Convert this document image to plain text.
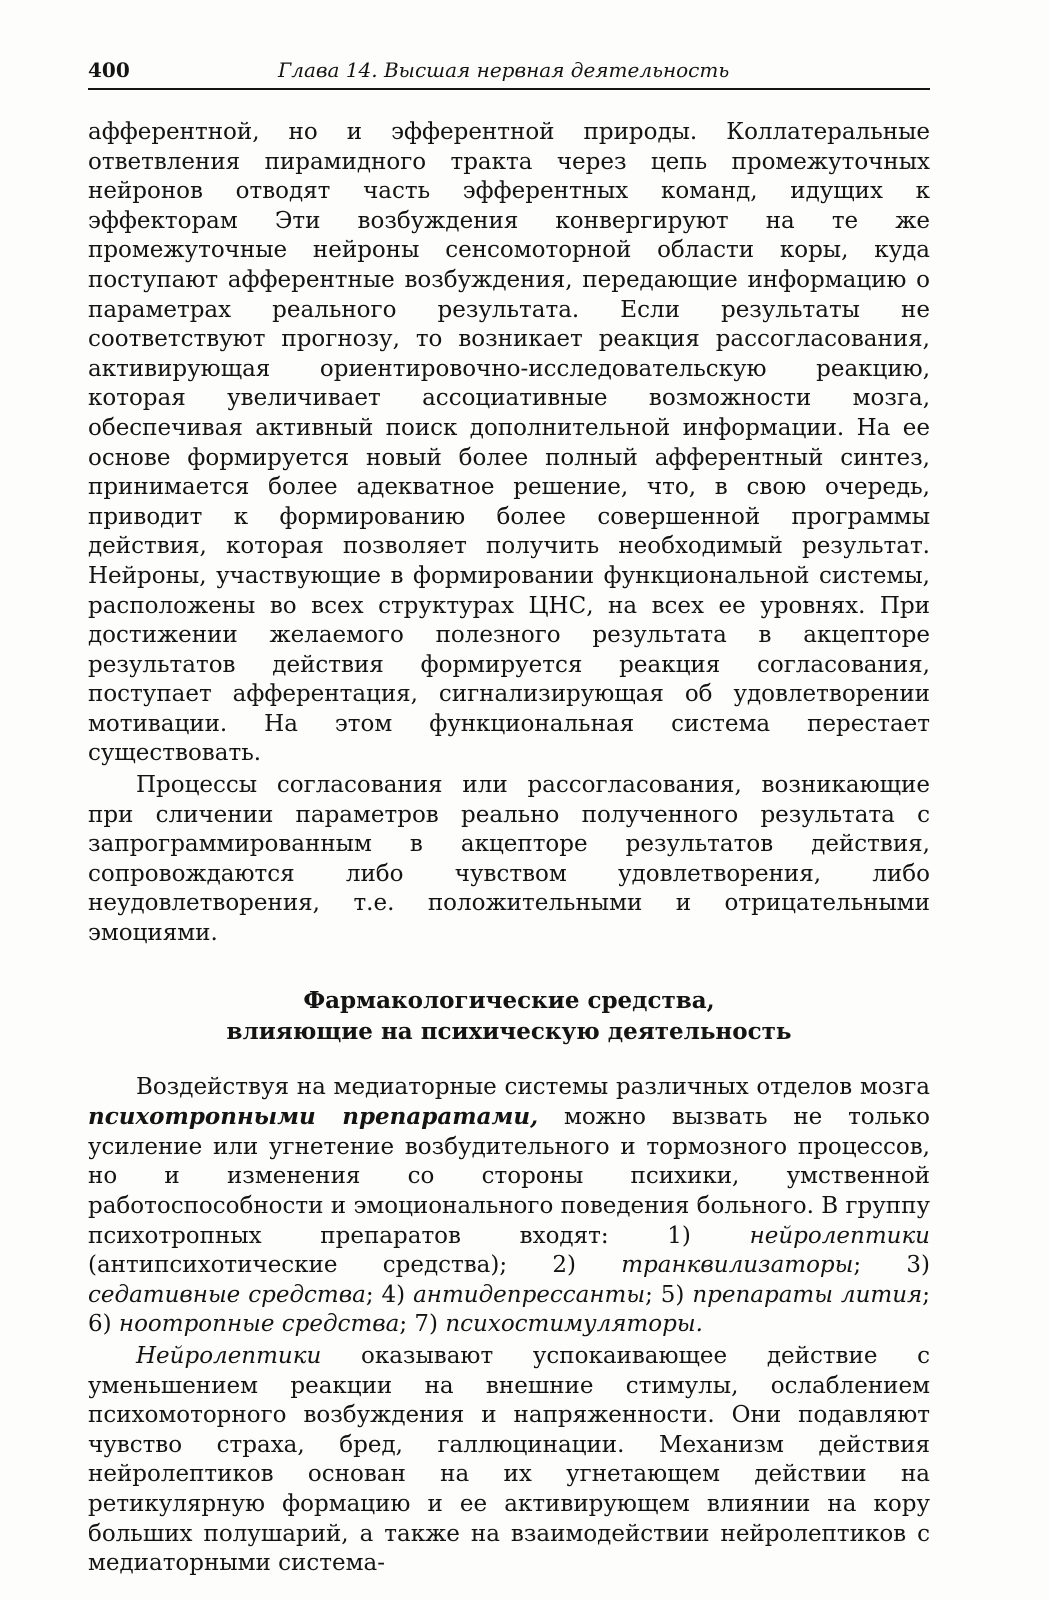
400	Глава 14. Высшая нервная деятельность

афферентной, но и эфферентной природы. Коллатеральные ответвления пирамидного тракта через цепь промежуточных нейронов отводят часть эфферентных команд, идущих к эффекторам Эти возбуждения конвергируют на те же промежуточные нейроны сенсомоторной области коры, куда поступают афферентные возбуждения, передающие информацию о параметрах реального результата. Если результаты не соответствуют прогнозу, то возникает реакция рассогласования, активирующая ориентировочно-исследовательскую реакцию, которая увеличивает ассоциативные возможности мозга, обеспечивая активный поиск дополнительной информации. На ее основе формируется новый более полный афферентный синтез, принимается более адекватное решение, что, в свою очередь, приводит к формированию более совершенной программы действия, которая позволяет получить необходимый результат. Нейроны, участвующие в формировании функциональной системы, расположены во всех структурах ЦНС, на всех ее уровнях. При достижении желаемого полезного результата в акцепторе результатов действия формируется реакция согласования, поступает афферентация, сигнализирующая об удовлетворении мотивации. На этом функциональная система перестает существовать.

Процессы согласования или рассогласования, возникающие при сличении параметров реально полученного результата с запрограммированным в акцепторе результатов действия, сопровождаются либо чувством удовлетворения, либо неудовлетворения, т.е. положительными и отрицательными эмоциями.

Фармакологические средства,
влияющие на психическую деятельность

Воздействуя на медиаторные системы различных отделов мозга психотропными препаратами, можно вызвать не только усиление или угнетение возбудительного и тормозного процессов, но и изменения со стороны психики, умственной работоспособности и эмоционального поведения больного. В группу психотропных препаратов входят: 1) нейролептики (антипсихотические средства); 2) транквилизаторы; 3) седативные средства; 4) антидепрессанты; 5) препараты лития; 6) ноотропные средства; 7) психостимуляторы.

Нейролептики оказывают успокаивающее действие с уменьшением реакции на внешние стимулы, ослаблением психомоторного возбуждения и напряженности. Они подавляют чувство страха, бред, галлюцинации. Механизм действия нейролептиков основан на их угнетающем действии на ретикулярную формацию и ее активирующем влиянии на кору больших полушарий, а также на взаимодействии нейролептиков с медиаторными система-
